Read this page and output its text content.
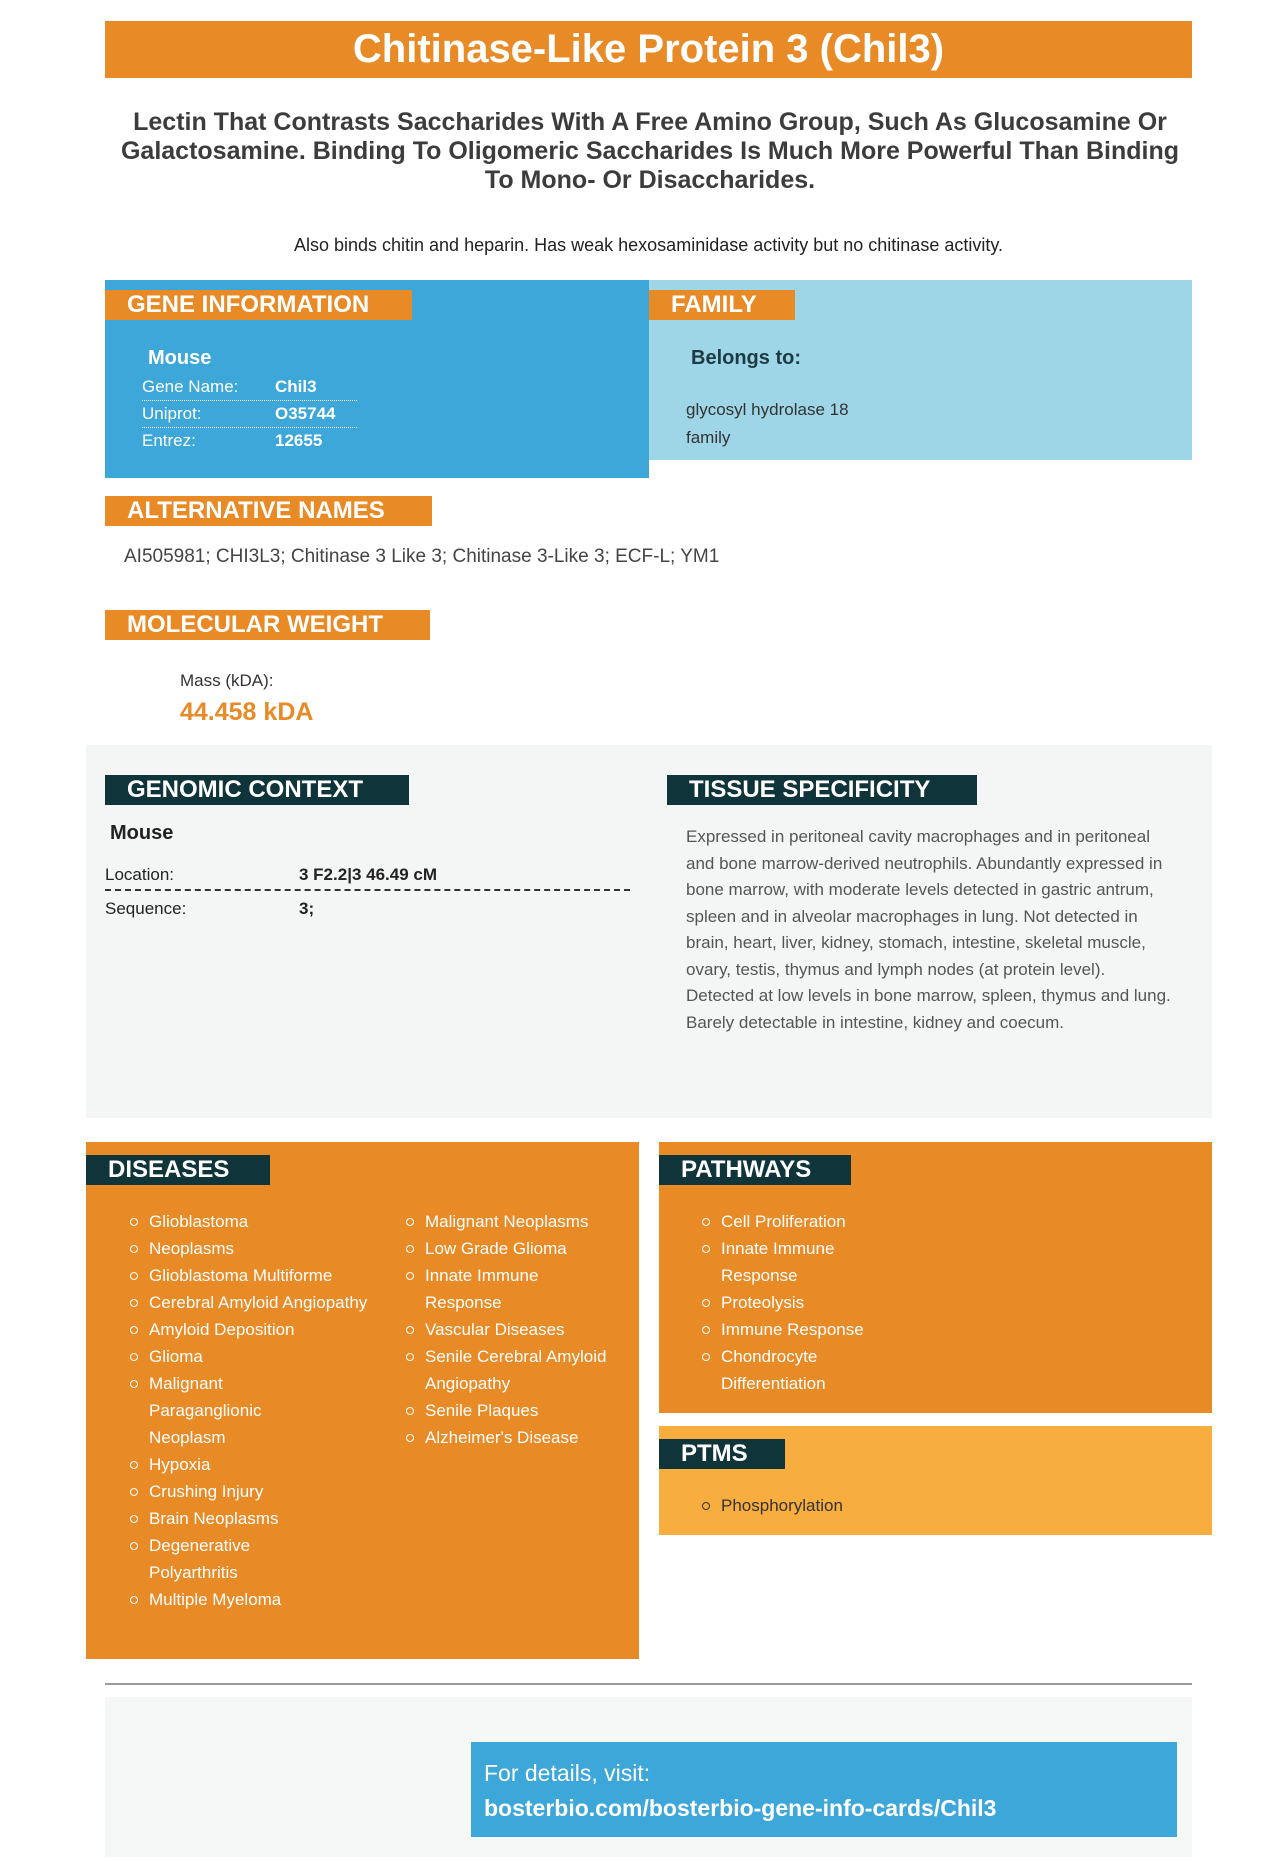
Chitinase-Like Protein 3 (Chil3)
Lectin That Contrasts Saccharides With A Free Amino Group, Such As Glucosamine Or Galactosamine. Binding To Oligomeric Saccharides Is Much More Powerful Than Binding To Mono- Or Disaccharides.
Also binds chitin and heparin. Has weak hexosaminidase activity but no chitinase activity.
GENE INFORMATION
Mouse
Gene Name: Chil3
Uniprot:	O35744
Entrez:	12655
FAMILY
Belongs to:
glycosyl hydrolase 18 family
ALTERNATIVE NAMES
AI505981; CHI3L3; Chitinase 3 Like 3; Chitinase 3-Like 3; ECF-L; YM1
MOLECULAR WEIGHT
Mass (kDA):
44.458 kDA
GENOMIC CONTEXT
Mouse
Location:	3 F2.2|3 46.49 cM
Sequence:	3;
TISSUE SPECIFICITY
Expressed in peritoneal cavity macrophages and in peritoneal and bone marrow-derived neutrophils. Abundantly expressed in bone marrow, with moderate levels detected in gastric antrum, spleen and in alveolar macrophages in lung. Not detected in brain, heart, liver, kidney, stomach, intestine, skeletal muscle, ovary, testis, thymus and lymph nodes (at protein level). Detected at low levels in bone marrow, spleen, thymus and lung. Barely detectable in intestine, kidney and coecum.
DISEASES
Glioblastoma
Neoplasms
Glioblastoma Multiforme
Cerebral Amyloid Angiopathy
Amyloid Deposition
Glioma
Malignant Paraganglionic Neoplasm
Hypoxia
Crushing Injury
Brain Neoplasms
Degenerative Polyarthritis
Multiple Myeloma
Malignant Neoplasms
Low Grade Glioma
Innate Immune Response
Vascular Diseases
Senile Cerebral Amyloid Angiopathy
Senile Plaques
Alzheimer's Disease
PATHWAYS
Cell Proliferation
Innate Immune Response
Proteolysis
Immune Response
Chondrocyte Differentiation
PTMS
Phosphorylation
For details, visit:
bosterbio.com/bosterbio-gene-info-cards/Chil3
